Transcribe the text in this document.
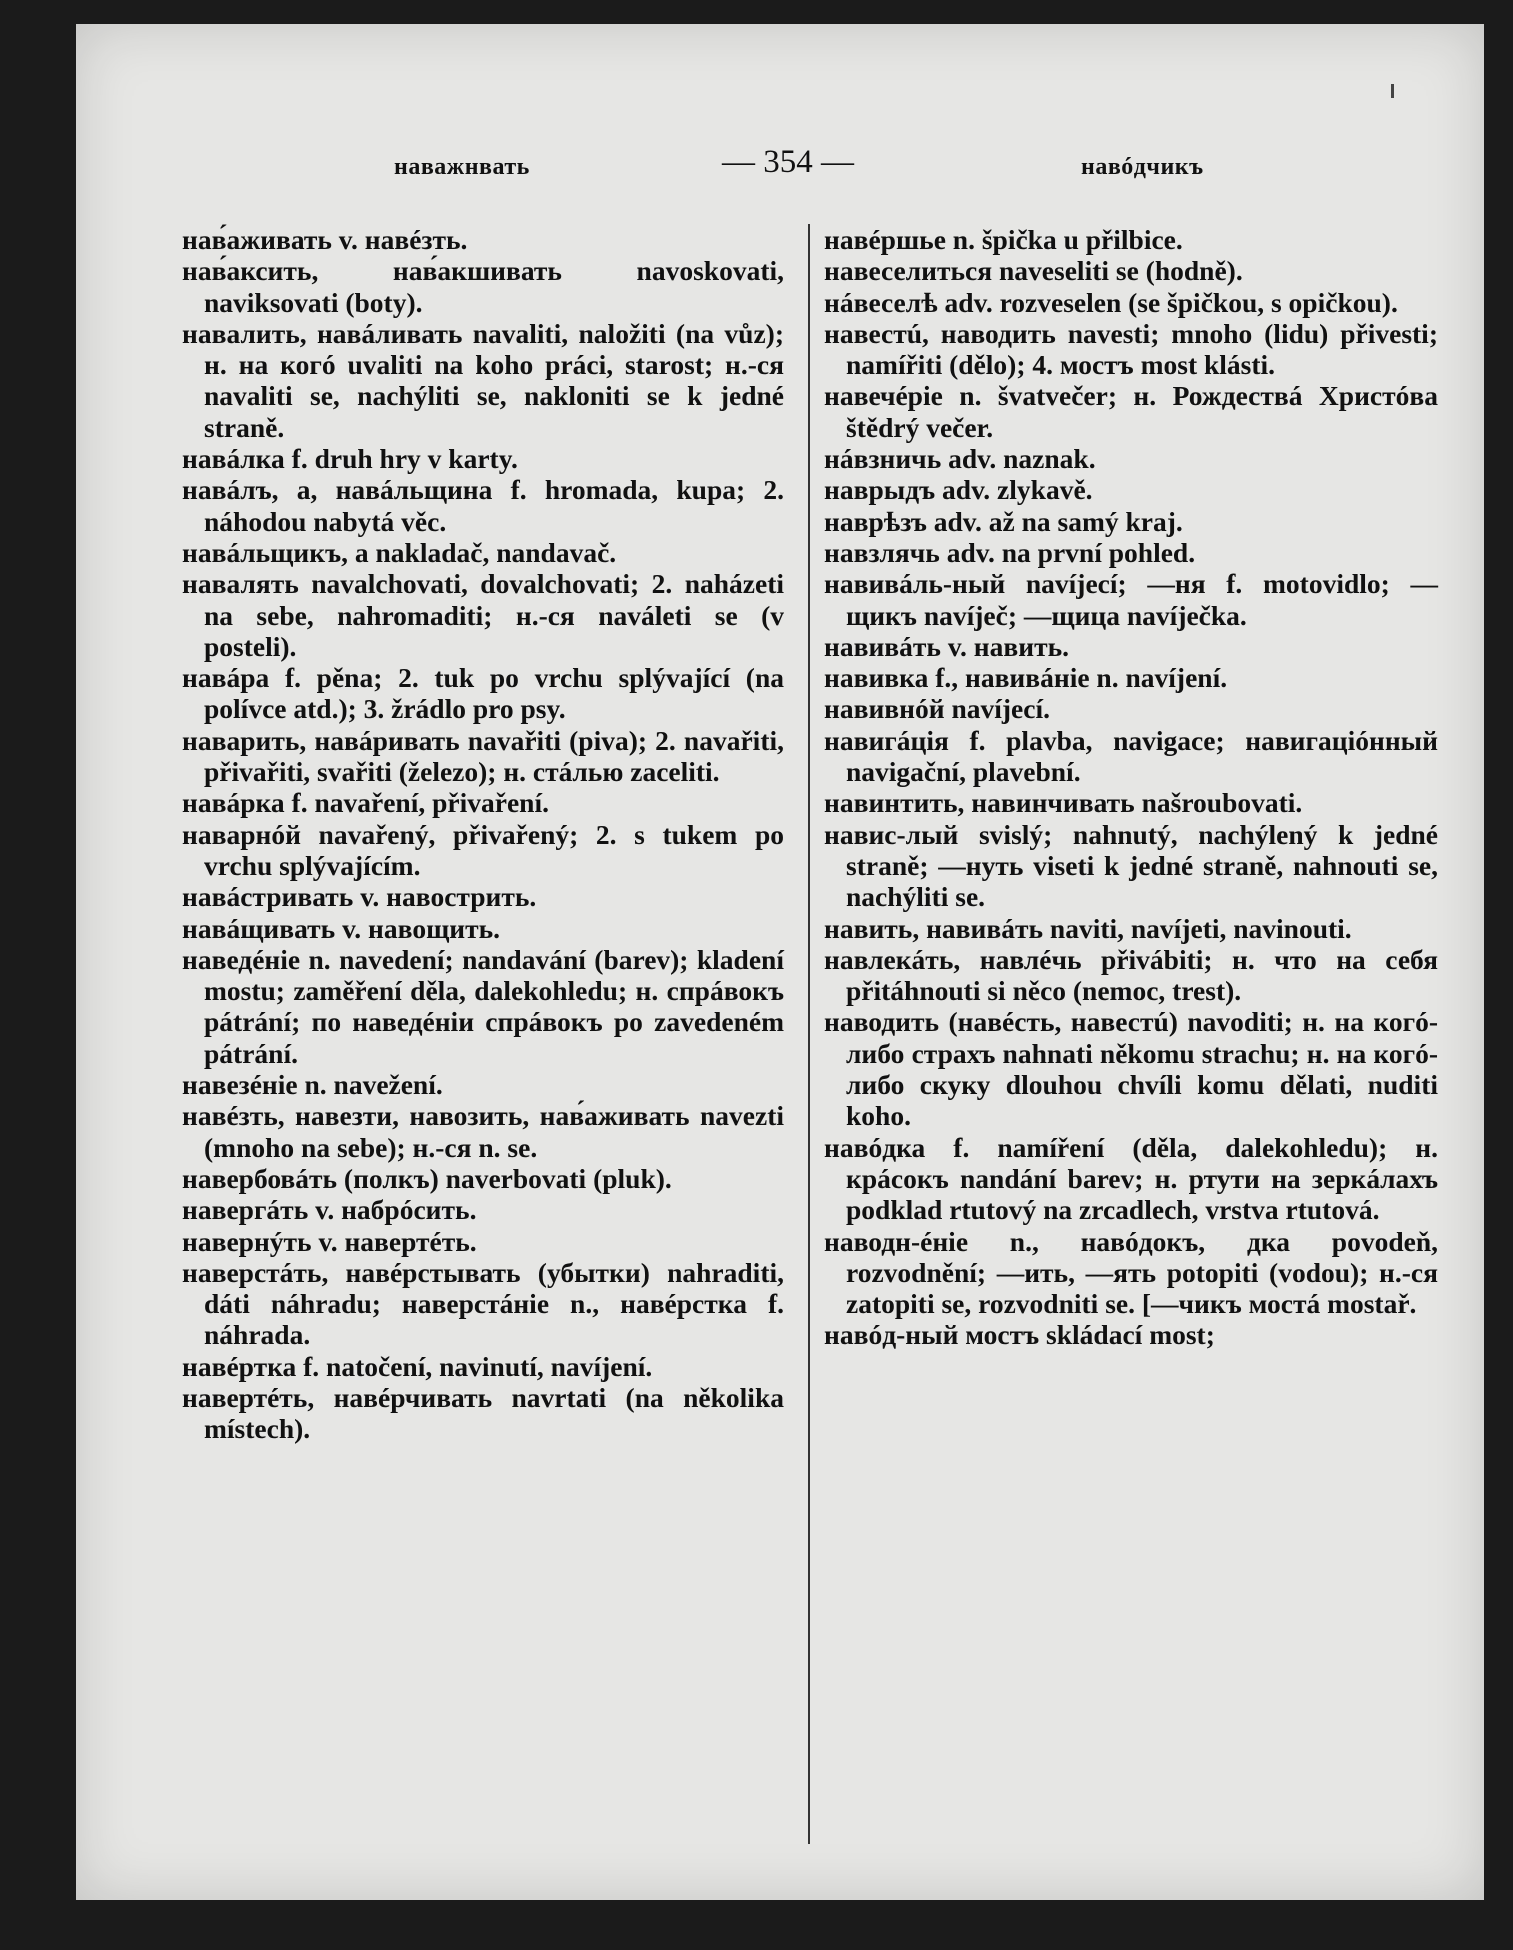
наважнвать	— 354 —	навóдчикъ

нав́аживать v. навéзть.

нав́аксить, нав́акшивать navoskovati, naviksovati (boty).

навалить, навáливать navaliti, naložiti (na vůz); н. на когó uvaliti na koho práci, starost; н.-ся navaliti se, nachýliti se, nakloniti se k jedné straně.

навáлка f. druh hry v karty.

навáлъ, а, навáльщина f. hromada, kupa; 2. náhodou nabytá věc.

навáльщикъ, а nakladač, nandavač.

навалять navalchovati, dovalchovati; 2. naházeti na sebe, nahromaditi; н.-ся naváleti se (v posteli).

навáра f. pěna; 2. tuk po vrchu splývající (na polívce atd.); 3. žrádlo pro psy.

наварить, навáривать navařiti (piva); 2. navařiti, přivařiti, svařiti (železo); н. стáлью zaceliti.

навáрка f. navaření, přivaření.

наварнóй navařený, přivařený; 2. s tukem po vrchu splývajícím.

навáстривать v. навострить.

навáщивать v. навощить.

наведéніе n. navedení; nandavání (barev); kladení mostu; zaměření děla, dalekohledu; н. спрáвокъ pátrání; по наведéніи спрáвокъ po zavedeném pátrání.

навезéніе n. navežení.

навéзть, навезти, навозить, нав́аживать navezti (mnoho na sebe); н.-ся n. se.

навербовáть (полкъ) naverbovati (pluk).

навергáть v. набрóсить.

навернýть v. навертéть.

наверстáть, навéрстывать (убытки) nahraditi, dáti náhradu; наверстáніе n., навéрстка f. náhrada.

навéртка f. natočení, navinutí, navíjení.

навертéть, навéрчивать navrtati (na několika místech).

навéршье n. špička u přilbice.

навеселиться naveseliti se (hodně).

нáвеселѣ adv. rozveselen (se špičkou, s opičkou).

навестú, наводить navesti; mnoho (lidu) přivesti; namířiti (dělo); 4. мостъ most klásti.

навечéріе n. švatvečer; н. Рождествá Христóва štědrý večer.

нáвзничь adv. naznak.

наврыдъ adv. zlykavě.

наврѣзъ adv. až na samý kraj.

навзлячь adv. na první pohled.

навивáль-ный navíjecí; —ня f. motovidlo; —щикъ navíječ; —щица navíječka.

навивáть v. навить.

навивка f., навивáніе n. navíjení.

навивнóй navíjecí.

навигáція f. plavba, navigace; навигаціóнный navigační, plavební.

навинтить, навинчивать našroubovati.

навис-лый svislý; nahnutý, nachýlený k jedné straně; —нуть viseti k jedné straně, nahnouti se, nachýliti se.

навить, навивáть naviti, navíjeti, navinouti.

навлекáть, навлéчь přivábiti; н. что на себя přitáhnouti si něco (nemoc, trest).

наводить (навéсть, навестú) navoditi; н. на когó-либо страхъ nahnati někomu strachu; н. на когó-либо скуку dlouhou chvíli komu dělati, nuditi koho.

навóдка f. namíření (děla, dalekohledu); н. крáсокъ nandání barev; н. ртути на зеркáлахъ podklad rtutový na zrcadlech, vrstva rtutová.

наводн-éніе n., навóдокъ, дка povodeň, rozvodnění; —ить, —ять potopiti (vodou); н.-ся zatopiti se, rozvodniti se. [—чикъ мостá mostař.

навóд-ный мостъ skládací most;
